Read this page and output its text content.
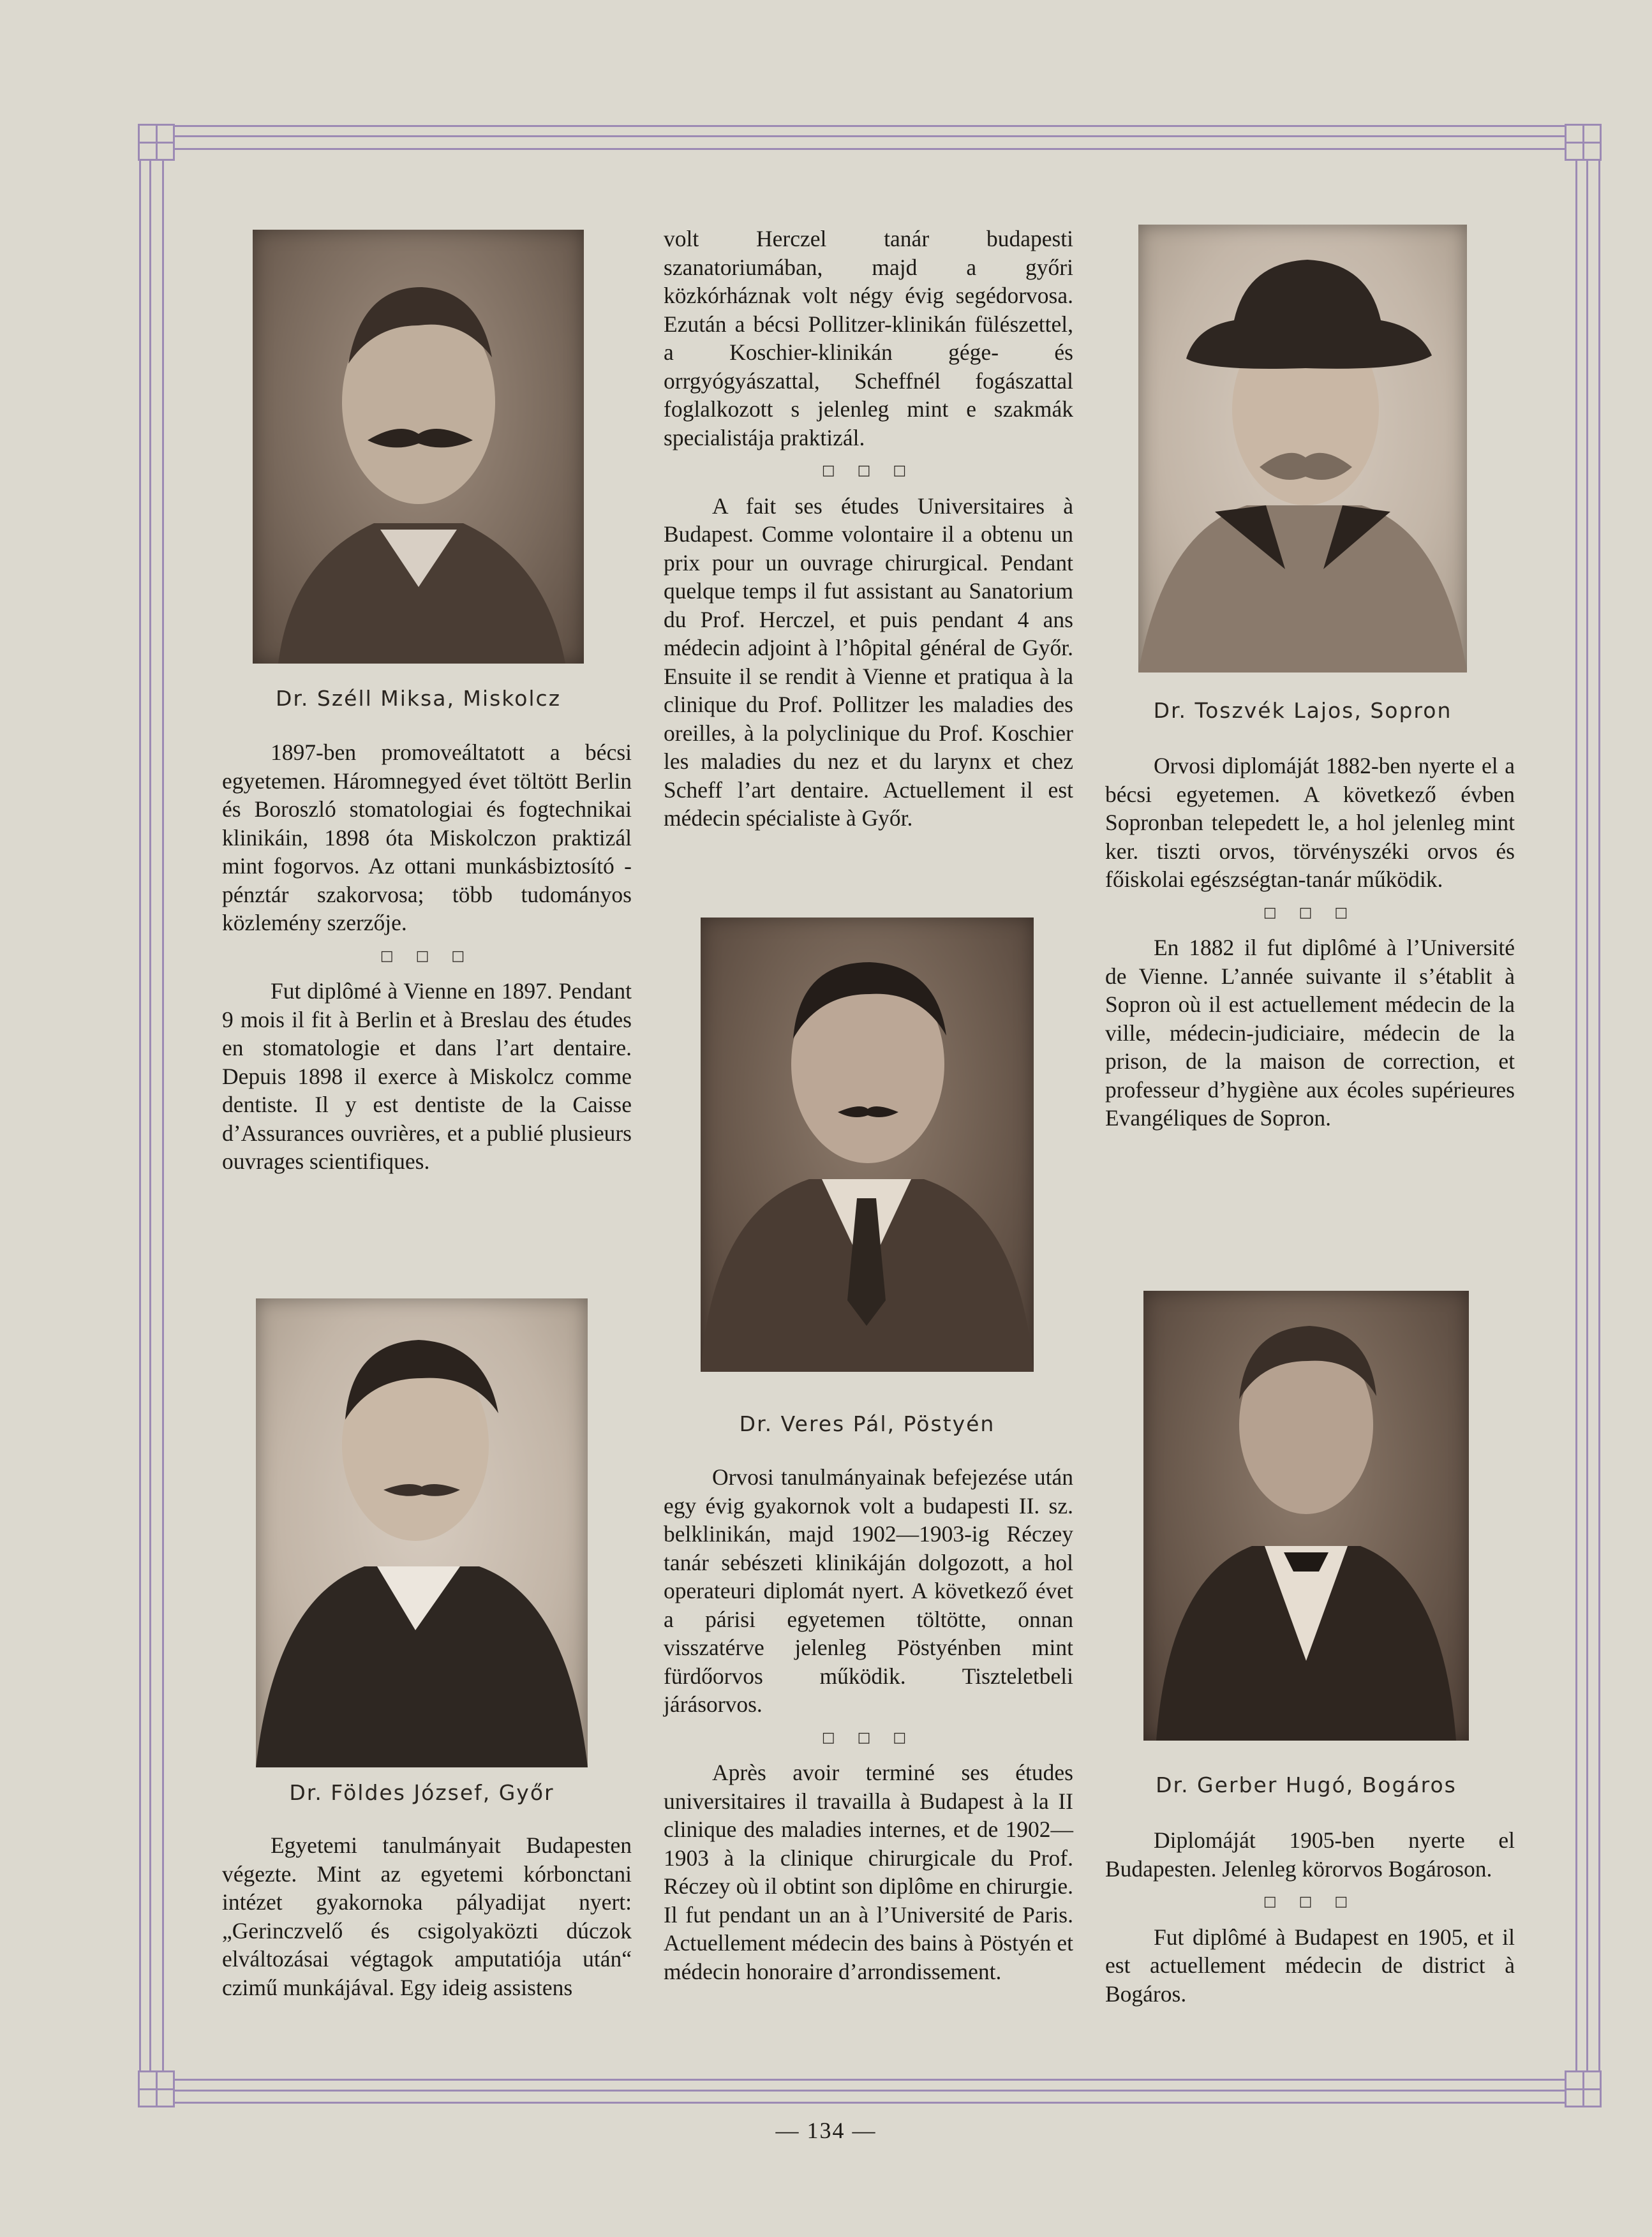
Dr. Széll Miksa, Miskolcz

1897-ben promoveáltatott a bécsi egyetemen. Háromnegyed évet töltött Berlin és Boroszló stomatologiai és fogtechnikai klinikáin, 1898 óta Miskolczon praktizál mint fogorvos. Az ottani munkásbiztosító - pénztár szakorvosa; több tudományos közlemény szerzője.

□ □ □

Fut diplômé à Vienne en 1897. Pendant 9 mois il fit à Berlin et à Breslau des études en stomatologie et dans l’art dentaire. Depuis 1898 il exerce à Miskolcz comme dentiste. Il y est dentiste de la Caisse d’Assurances ouvrières, et a publié plusieurs ouvrages scientifiques.

Dr. Földes József, Győr

Egyetemi tanulmányait Budapesten végezte. Mint az egyetemi kórbonctani intézet gyakornoka pályadijat nyert: „Gerinczvelő és csigolyaközti dúczok elváltozásai végtagok amputatiója után“ czimű munkájával. Egy ideig assistens

volt Herczel tanár budapesti szanatoriumában, majd a győri közkórháznak volt négy évig segédorvosa. Ezután a bécsi Pollitzer-klinikán fülészettel, a Koschier-klinikán gége- és orrgyógyászattal, Scheffnél fogászattal foglalkozott s jelenleg mint e szakmák specialistája praktizál.

□ □ □

A fait ses études Universitaires à Budapest. Comme volontaire il a obtenu un prix pour un ouvrage chirurgical. Pendant quelque temps il fut assistant au Sanatorium du Prof. Herczel, et puis pendant 4 ans médecin adjoint à l’hôpital général de Győr. Ensuite il se rendit à Vienne et pratiqua à la clinique du Prof. Pollitzer les maladies des oreilles, à la polyclinique du Prof. Koschier les maladies du nez et du larynx et chez Scheff l’art dentaire. Actuellement il est médecin spécialiste à Győr.

Dr. Veres Pál, Pöstyén

Orvosi tanulmányainak befejezése után egy évig gyakornok volt a budapesti II. sz. belklinikán, majd 1902—1903-ig Réczey tanár sebészeti klinikáján dolgozott, a hol operateuri diplomát nyert. A következő évet a párisi egyetemen töltötte, onnan visszatérve jelenleg Pöstyénben mint fürdőorvos működik. Tiszteletbeli járásorvos.

□ □ □

Après avoir terminé ses études universitaires il travailla à Budapest à la II clinique des maladies internes, et de 1902—1903 à la clinique chirurgicale du Prof. Réczey où il obtint son diplôme en chirurgie. Il fut pendant un an à l’Université de Paris. Actuellement médecin des bains à Pöstyén et médecin honoraire d’arrondissement.

Dr. Toszvék Lajos, Sopron

Orvosi diplomáját 1882-ben nyerte el a bécsi egyetemen. A következő évben Sopronban telepedett le, a hol jelenleg mint ker. tiszti orvos, törvényszéki orvos és főiskolai egészségtan-tanár működik.

□ □ □

En 1882 il fut diplômé à l’Université de Vienne. L’année suivante il s’établit à Sopron où il est actuellement médecin de la ville, médecin-judiciaire, médecin de la prison, de la maison de correction, et professeur d’hygiène aux écoles supérieures Evangéliques de Sopron.

Dr. Gerber Hugó, Bogáros

Diplomáját 1905-ben nyerte el Budapesten. Jelenleg körorvos Bogároson.

□ □ □

Fut diplômé à Budapest en 1905, et il est actuellement médecin de district à Bogáros.

— 134 —
